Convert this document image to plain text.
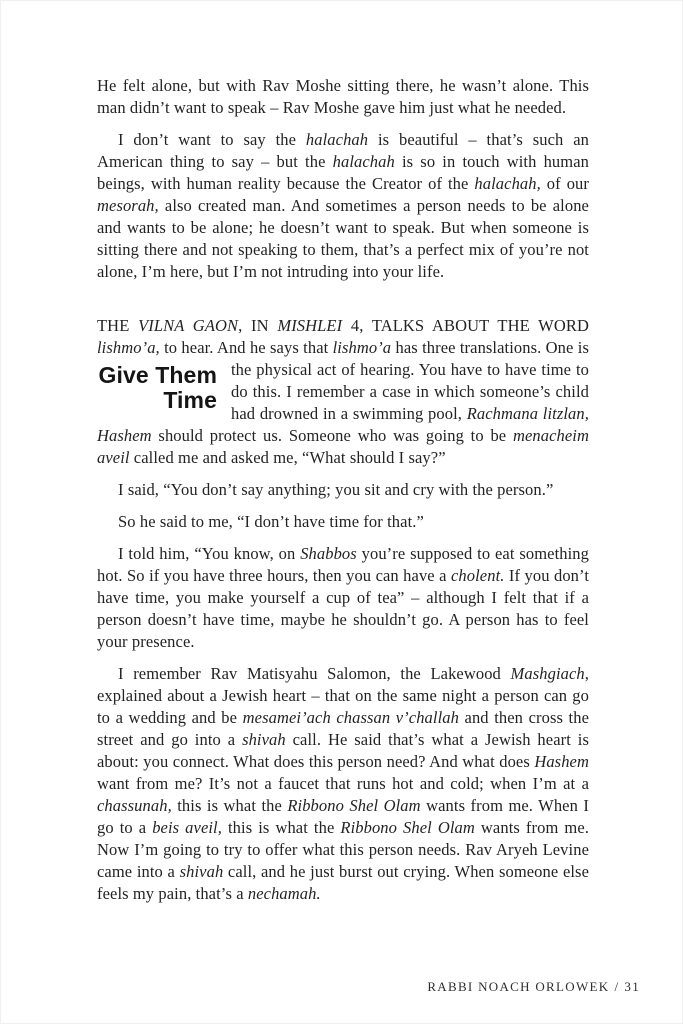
He felt alone, but with Rav Moshe sitting there, he wasn’t alone. This man didn’t want to speak – Rav Moshe gave him just what he needed.

I don’t want to say the halachah is beautiful – that’s such an American thing to say – but the halachah is so in touch with human beings, with human reality because the Creator of the halachah, of our mesorah, also created man. And sometimes a person needs to be alone and wants to be alone; he doesn’t want to speak. But when someone is sitting there and not speaking to them, that’s a perfect mix of you’re not alone, I’m here, but I’m not intruding into your life.

THE VILNA GAON, IN MISHLEI 4, TALKS ABOUT THE WORD lishmo’a, to hear. And he says that lishmo’a has three translations. One
Give Them
Time
is the physical act of hearing. You have to have time to do this. I remember a case in which someone’s child had drowned in a swimming pool, Rachmana litzlan, Hashem should protect us. Someone who was going to be menacheim aveil called me and asked me, “What should I say?”

I said, “You don’t say anything; you sit and cry with the person.”

So he said to me, “I don’t have time for that.”

I told him, “You know, on Shabbos you’re supposed to eat something hot. So if you have three hours, then you can have a cholent. If you don’t have time, you make yourself a cup of tea” – although I felt that if a person doesn’t have time, maybe he shouldn’t go. A person has to feel your presence.

I remember Rav Matisyahu Salomon, the Lakewood Mashgiach, explained about a Jewish heart – that on the same night a person can go to a wedding and be mesamei’ach chassan v’challah and then cross the street and go into a shivah call. He said that’s what a Jewish heart is about: you connect. What does this person need? And what does Hashem want from me? It’s not a faucet that runs hot and cold; when I’m at a chassunah, this is what the Ribbono Shel Olam wants from me. When I go to a beis aveil, this is what the Ribbono Shel Olam wants from me. Now I’m going to try to offer what this person needs. Rav Aryeh Levine came into a shivah call, and he just burst out crying. When someone else feels my pain, that’s a nechamah.

RABBI NOACH ORLOWEK / 31
